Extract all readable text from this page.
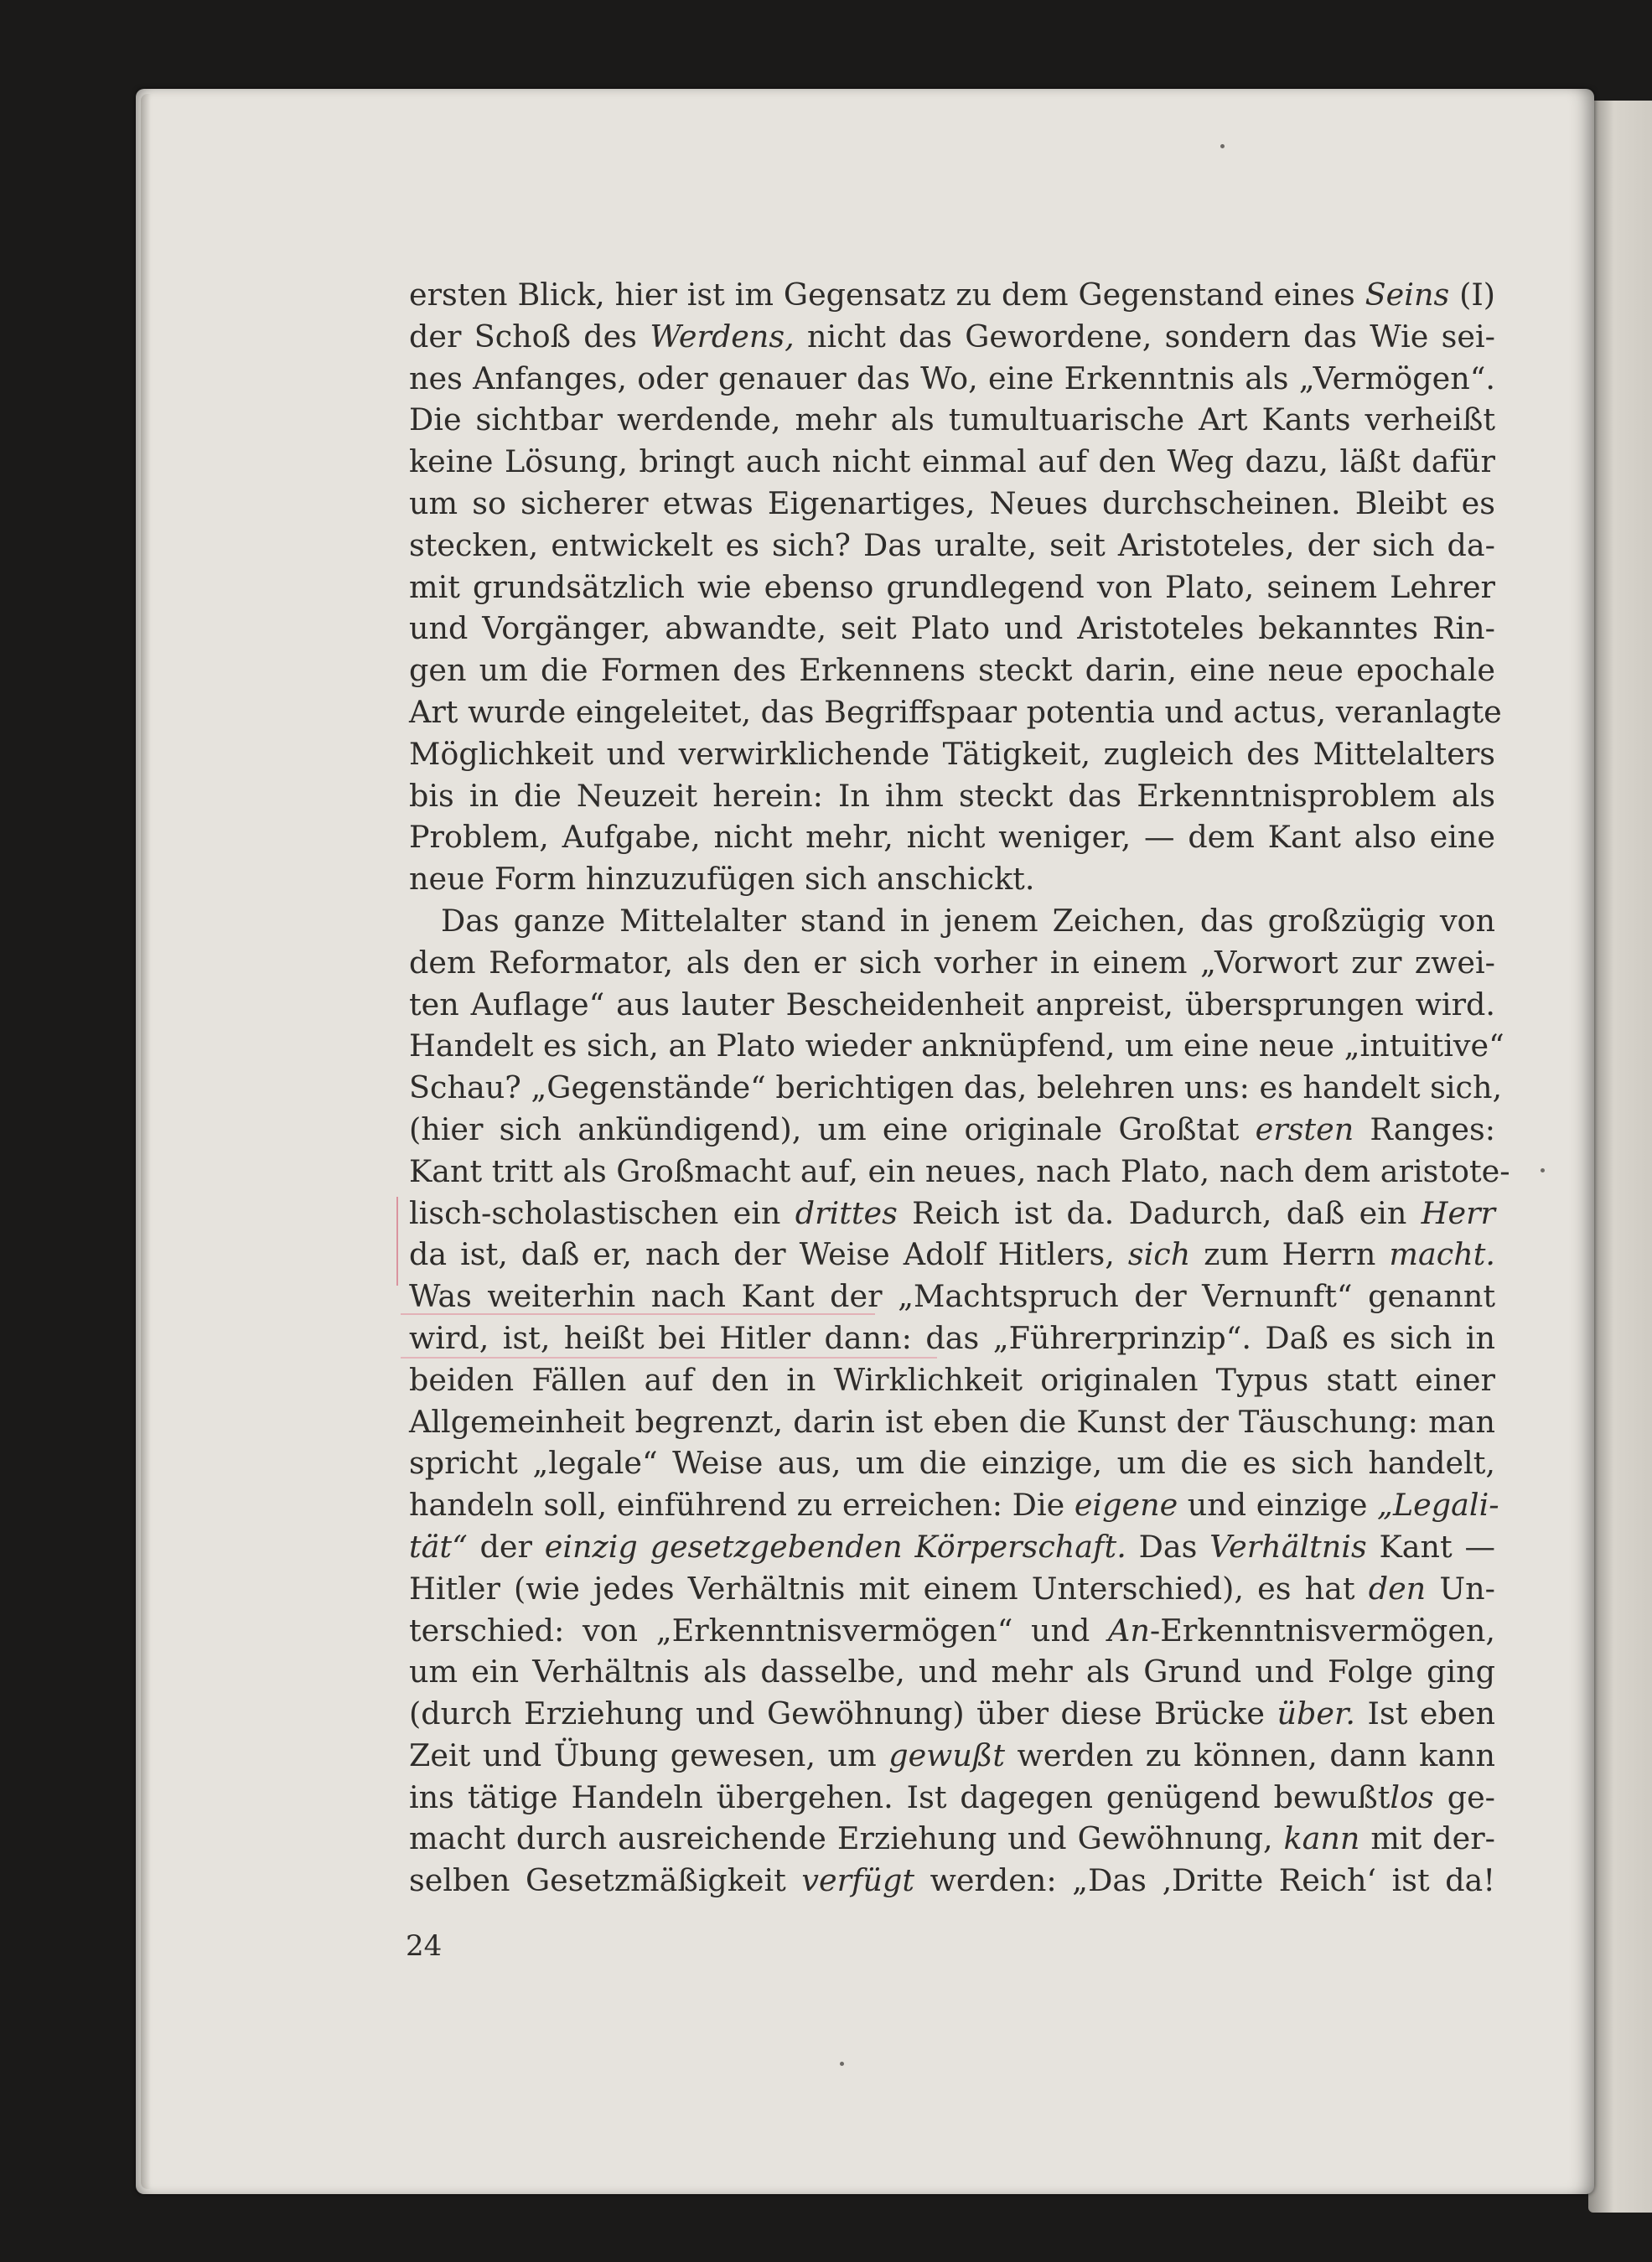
ersten Blick, hier ist im Gegensatz zu dem Gegenstand eines Seins (I)
der Schoß des Werdens, nicht das Gewordene, sondern das Wie sei-
nes Anfanges, oder genauer das Wo, eine Erkenntnis als „Vermögen“.
Die sichtbar werdende, mehr als tumultuarische Art Kants verheißt
keine Lösung, bringt auch nicht einmal auf den Weg dazu, läßt dafür
um so sicherer etwas Eigenartiges, Neues durchscheinen. Bleibt es
stecken, entwickelt es sich? Das uralte, seit Aristoteles, der sich da-
mit grundsätzlich wie ebenso grundlegend von Plato, seinem Lehrer
und Vorgänger, abwandte, seit Plato und Aristoteles bekanntes Rin-
gen um die Formen des Erkennens steckt darin, eine neue epochale
Art wurde eingeleitet, das Begriffspaar potentia und actus, veranlagte
Möglichkeit und verwirklichende Tätigkeit, zugleich des Mittelalters
bis in die Neuzeit herein: In ihm steckt das Erkenntnisproblem als
Problem, Aufgabe, nicht mehr, nicht weniger, — dem Kant also eine
neue Form hinzuzufügen sich anschickt.
Das ganze Mittelalter stand in jenem Zeichen, das großzügig von
dem Reformator, als den er sich vorher in einem „Vorwort zur zwei-
ten Auflage“ aus lauter Bescheidenheit anpreist, übersprungen wird.
Handelt es sich, an Plato wieder anknüpfend, um eine neue „intuitive“
Schau? „Gegenstände“ berichtigen das, belehren uns: es handelt sich,
(hier sich ankündigend), um eine originale Großtat ersten Ranges:
Kant tritt als Großmacht auf, ein neues, nach Plato, nach dem aristote-
lisch-scholastischen ein drittes Reich ist da. Dadurch, daß ein Herr
da ist, daß er, nach der Weise Adolf Hitlers, sich zum Herrn macht.
Was weiterhin nach Kant der „Machtspruch der Vernunft“ genannt
wird, ist, heißt bei Hitler dann: das „Führerprinzip“. Daß es sich in
beiden Fällen auf den in Wirklichkeit originalen Typus statt einer
Allgemeinheit begrenzt, darin ist eben die Kunst der Täuschung: man
spricht „legale“ Weise aus, um die einzige, um die es sich handelt,
handeln soll, einführend zu erreichen: Die eigene und einzige „Legali-
tät“ der einzig gesetzgebenden Körperschaft. Das Verhältnis Kant —
Hitler (wie jedes Verhältnis mit einem Unterschied), es hat den Un-
terschied: von „Erkenntnisvermögen“ und An-Erkenntnisvermögen,
um ein Verhältnis als dasselbe, und mehr als Grund und Folge ging
(durch Erziehung und Gewöhnung) über diese Brücke über. Ist eben
Zeit und Übung gewesen, um gewußt werden zu können, dann kann
ins tätige Handeln übergehen. Ist dagegen genügend bewußtlos ge-
macht durch ausreichende Erziehung und Gewöhnung, kann mit der-
selben Gesetzmäßigkeit verfügt werden: „Das ‚Dritte Reich‘ ist da!
24
